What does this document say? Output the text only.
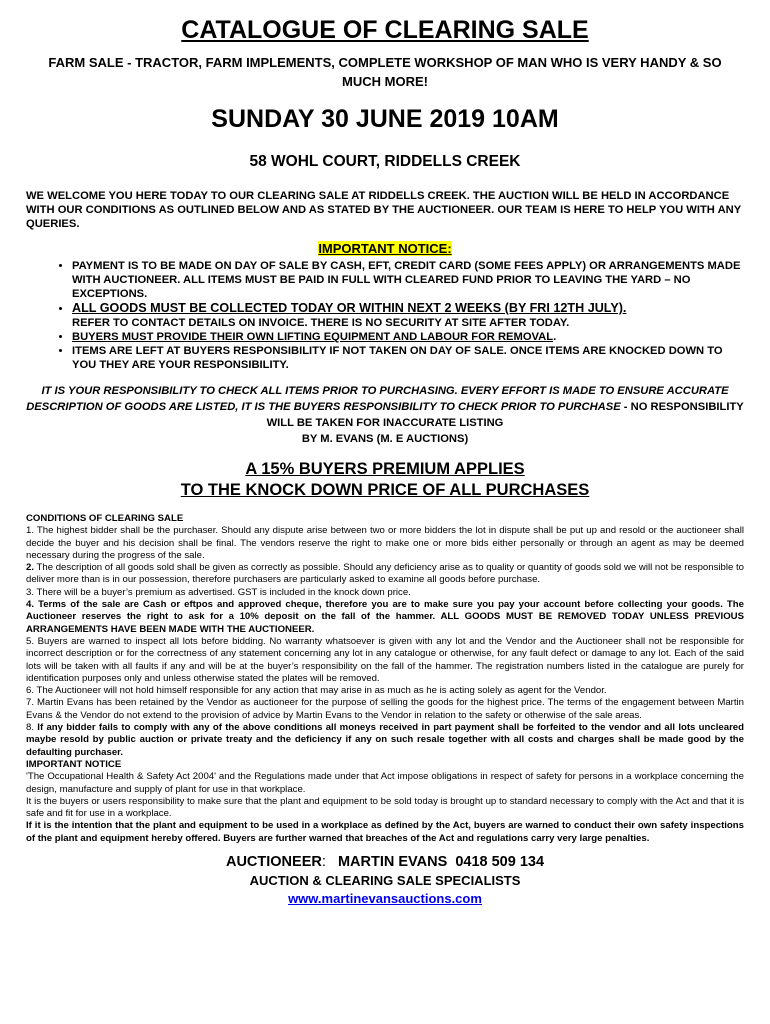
CATALOGUE OF CLEARING SALE
FARM SALE - TRACTOR, FARM IMPLEMENTS, COMPLETE WORKSHOP OF MAN WHO IS VERY HANDY & SO MUCH MORE!
SUNDAY 30 JUNE 2019 10AM
58 WOHL COURT, RIDDELLS CREEK
WE WELCOME YOU HERE TODAY TO OUR CLEARING SALE AT RIDDELLS CREEK. THE AUCTION WILL BE HELD IN ACCORDANCE WITH OUR CONDITIONS AS OUTLINED BELOW AND AS STATED BY THE AUCTIONEER. OUR TEAM IS HERE TO HELP YOU WITH ANY QUERIES.
IMPORTANT NOTICE:
• PAYMENT IS TO BE MADE ON DAY OF SALE BY CASH, EFT, CREDIT CARD (SOME FEES APPLY) OR ARRANGEMENTS MADE WITH AUCTIONEER. ALL ITEMS MUST BE PAID IN FULL WITH CLEARED FUND PRIOR TO LEAVING THE YARD – NO EXCEPTIONS.
• ALL GOODS MUST BE COLLECTED TODAY OR WITHIN NEXT 2 WEEKS (BY FRI 12TH JULY).
REFER TO CONTACT DETAILS ON INVOICE. THERE IS NO SECURITY AT SITE AFTER TODAY.
• BUYERS MUST PROVIDE THEIR OWN LIFTING EQUIPMENT AND LABOUR FOR REMOVAL.
• ITEMS ARE LEFT AT BUYERS RESPONSIBILITY IF NOT TAKEN ON DAY OF SALE. ONCE ITEMS ARE KNOCKED DOWN TO YOU THEY ARE YOUR RESPONSIBILITY.
IT IS YOUR RESPONSIBILITY TO CHECK ALL ITEMS PRIOR TO PURCHASING. EVERY EFFORT IS MADE TO ENSURE ACCURATE DESCRIPTION OF GOODS ARE LISTED, IT IS THE BUYERS RESPONSIBILITY TO CHECK PRIOR TO PURCHASE - NO RESPONSIBILITY WILL BE TAKEN FOR INACCURATE LISTING
BY M. EVANS (M. E AUCTIONS)
A 15% BUYERS PREMIUM APPLIES
TO THE KNOCK DOWN PRICE OF ALL PURCHASES

CONDITIONS OF CLEARING SALE

1. The highest bidder shall be the purchaser. Should any dispute arise between two or more bidders the lot in dispute shall be put up and resold or the auctioneer shall decide the buyer and his decision shall be final. The vendors reserve the right to make one or more bids either personally or through an agent as may be deemed necessary during the progress of the sale.

2. The description of all goods sold shall be given as correctly as possible. Should any deficiency arise as to quality or quantity of goods sold we will not be responsible to deliver more than is in our possession, therefore purchasers are particularly asked to examine all goods before purchase.

3. There will be a buyer’s premium as advertised. GST is included in the knock down price.

4. Terms of the sale are Cash or eftpos and approved cheque, therefore you are to make sure you pay your account before collecting your goods. The Auctioneer reserves the right to ask for a 10% deposit on the fall of the hammer. ALL GOODS MUST BE REMOVED TODAY UNLESS PREVIOUS ARRANGEMENTS HAVE BEEN MADE WITH THE AUCTIONEER.

5. Buyers are warned to inspect all lots before bidding. No warranty whatsoever is given with any lot and the Vendor and the Auctioneer shall not be responsible for incorrect description or for the correctness of any statement concerning any lot in any catalogue or otherwise, for any fault defect or damage to any lot. Each of the said lots will be taken with all faults if any and will be at the buyer’s responsibility on the fall of the hammer. The registration numbers listed in the catalogue are purely for identification purposes only and unless otherwise stated the plates will be removed.

6. The Auctioneer will not hold himself responsible for any action that may arise in as much as he is acting solely as agent for the Vendor.

7. Martin Evans has been retained by the Vendor as auctioneer for the purpose of selling the goods for the highest price. The terms of the engagement between Martin Evans & the Vendor do not extend to the provision of advice by Martin Evans to the Vendor in relation to the safety or otherwise of the sale areas.

8. If any bidder fails to comply with any of the above conditions all moneys received in part payment shall be forfeited to the vendor and all lots uncleared maybe resold by public auction or private treaty and the deficiency if any on such resale together with all costs and charges shall be made good by the defaulting purchaser.

IMPORTANT NOTICE

'The Occupational Health & Safety Act 2004' and the Regulations made under that Act impose obligations in respect of safety for persons in a workplace concerning the design, manufacture and supply of plant for use in that workplace.

It is the buyers or users responsibility to make sure that the plant and equipment to be sold today is brought up to standard necessary to comply with the Act and that it is safe and fit for use in a workplace.

If it is the intention that the plant and equipment to be used in a workplace as defined by the Act, buyers are warned to conduct their own safety inspections of the plant and equipment hereby offered. Buyers are further warned that breaches of the Act and regulations carry very large penalties.

AUCTIONEER:   MARTIN EVANS  0418 509 134
AUCTION & CLEARING SALE SPECIALISTS
www.martinevansauctions.com
